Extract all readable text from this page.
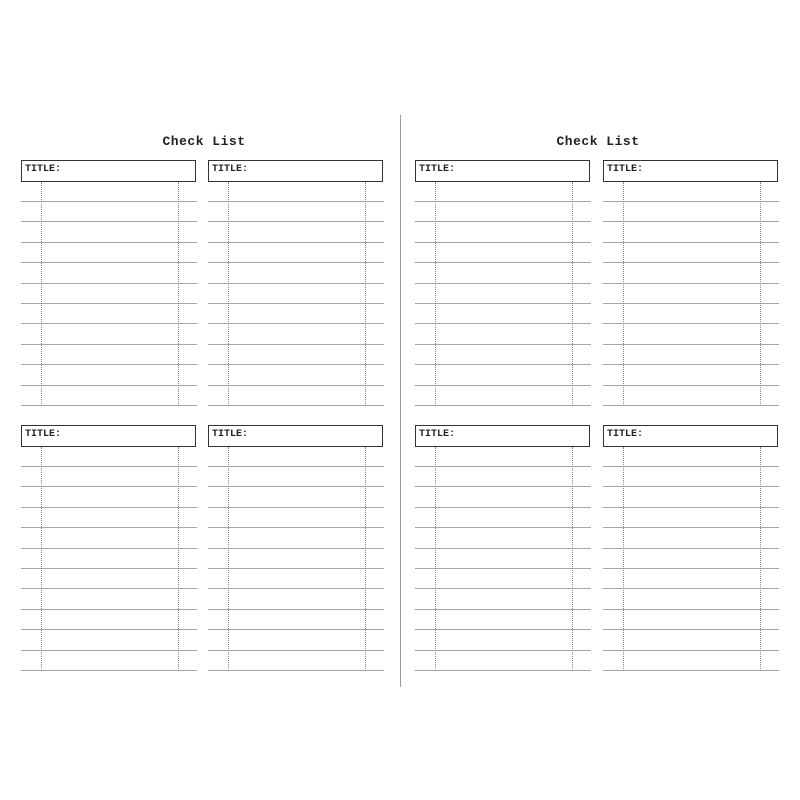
Check List	Check List
TITLE:	TITLE:
TITLE:	TITLE:
TITLE:	TITLE:
TITLE:	TITLE:
